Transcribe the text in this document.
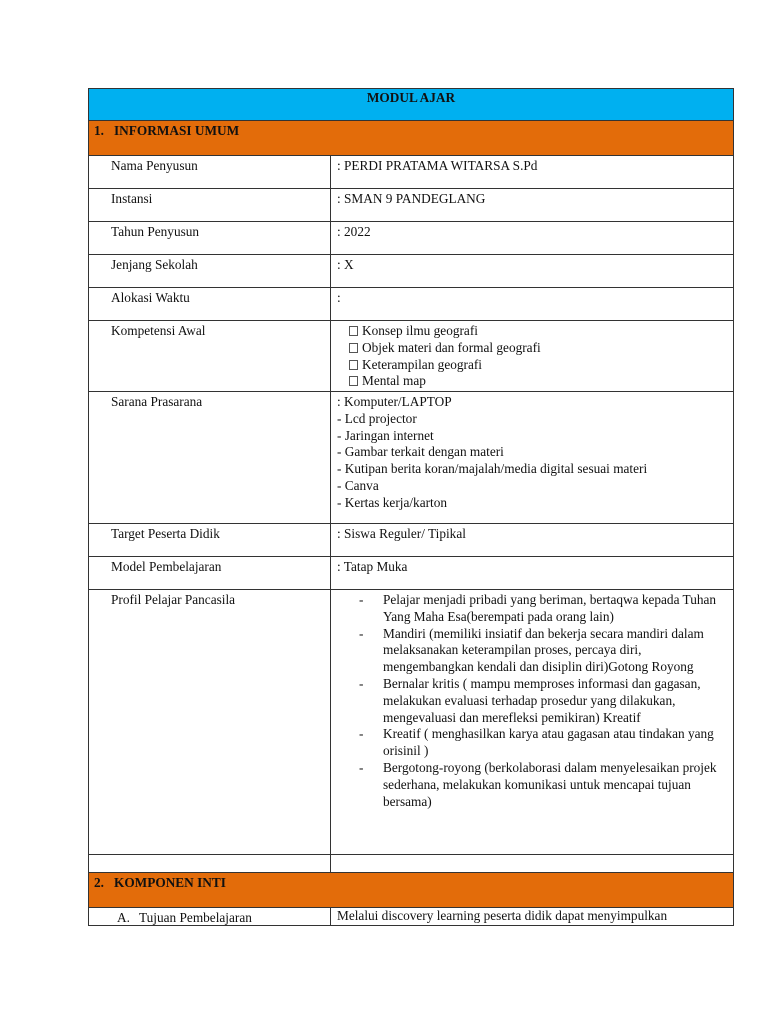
MODUL AJAR
1. INFORMASI UMUM
Nama Penyusun	: PERDI PRATAMA WITARSA S.Pd
Instansi	: SMAN 9 PANDEGLANG
Tahun Penyusun	: 2022
Jenjang Sekolah	: X
Alokasi Waktu	:
Kompetensi Awal	Konsep ilmu geografi
Objek materi dan formal geografi
Keterampilan geografi
Mental map
Sarana Prasarana	: Komputer/LAPTOP
- Lcd projector
- Jaringan internet
- Gambar terkait dengan materi
- Kutipan berita koran/majalah/media digital sesuai materi
- Canva
- Kertas kerja/karton
Target Peserta Didik	: Siswa Reguler/ Tipikal
Model Pembelajaran	: Tatap Muka
Profil Pelajar Pancasila
-	Pelajar menjadi pribadi yang beriman, bertaqwa kepada Tuhan Yang Maha Esa(berempati pada orang lain)
- Mandiri (memiliki insiatif dan bekerja secara mandiri dalam melaksanakan keterampilan proses, percaya diri, mengembangkan kendali dan disiplin diri)Gotong Royong
- Bernalar kritis ( mampu memproses informasi dan gagasan, melakukan evaluasi terhadap prosedur yang dilakukan, mengevaluasi dan merefleksi pemikiran) Kreatif
- Kreatif ( menghasilkan karya atau gagasan atau tindakan yang orisinil )
- Bergotong-royong (berkolaborasi dalam menyelesaikan projek sederhana, melakukan komunikasi untuk mencapai tujuan bersama)
2. KOMPONEN INTI
A. Tujuan Pembelajaran	Melalui discovery learning peserta didik dapat menyimpulkan
